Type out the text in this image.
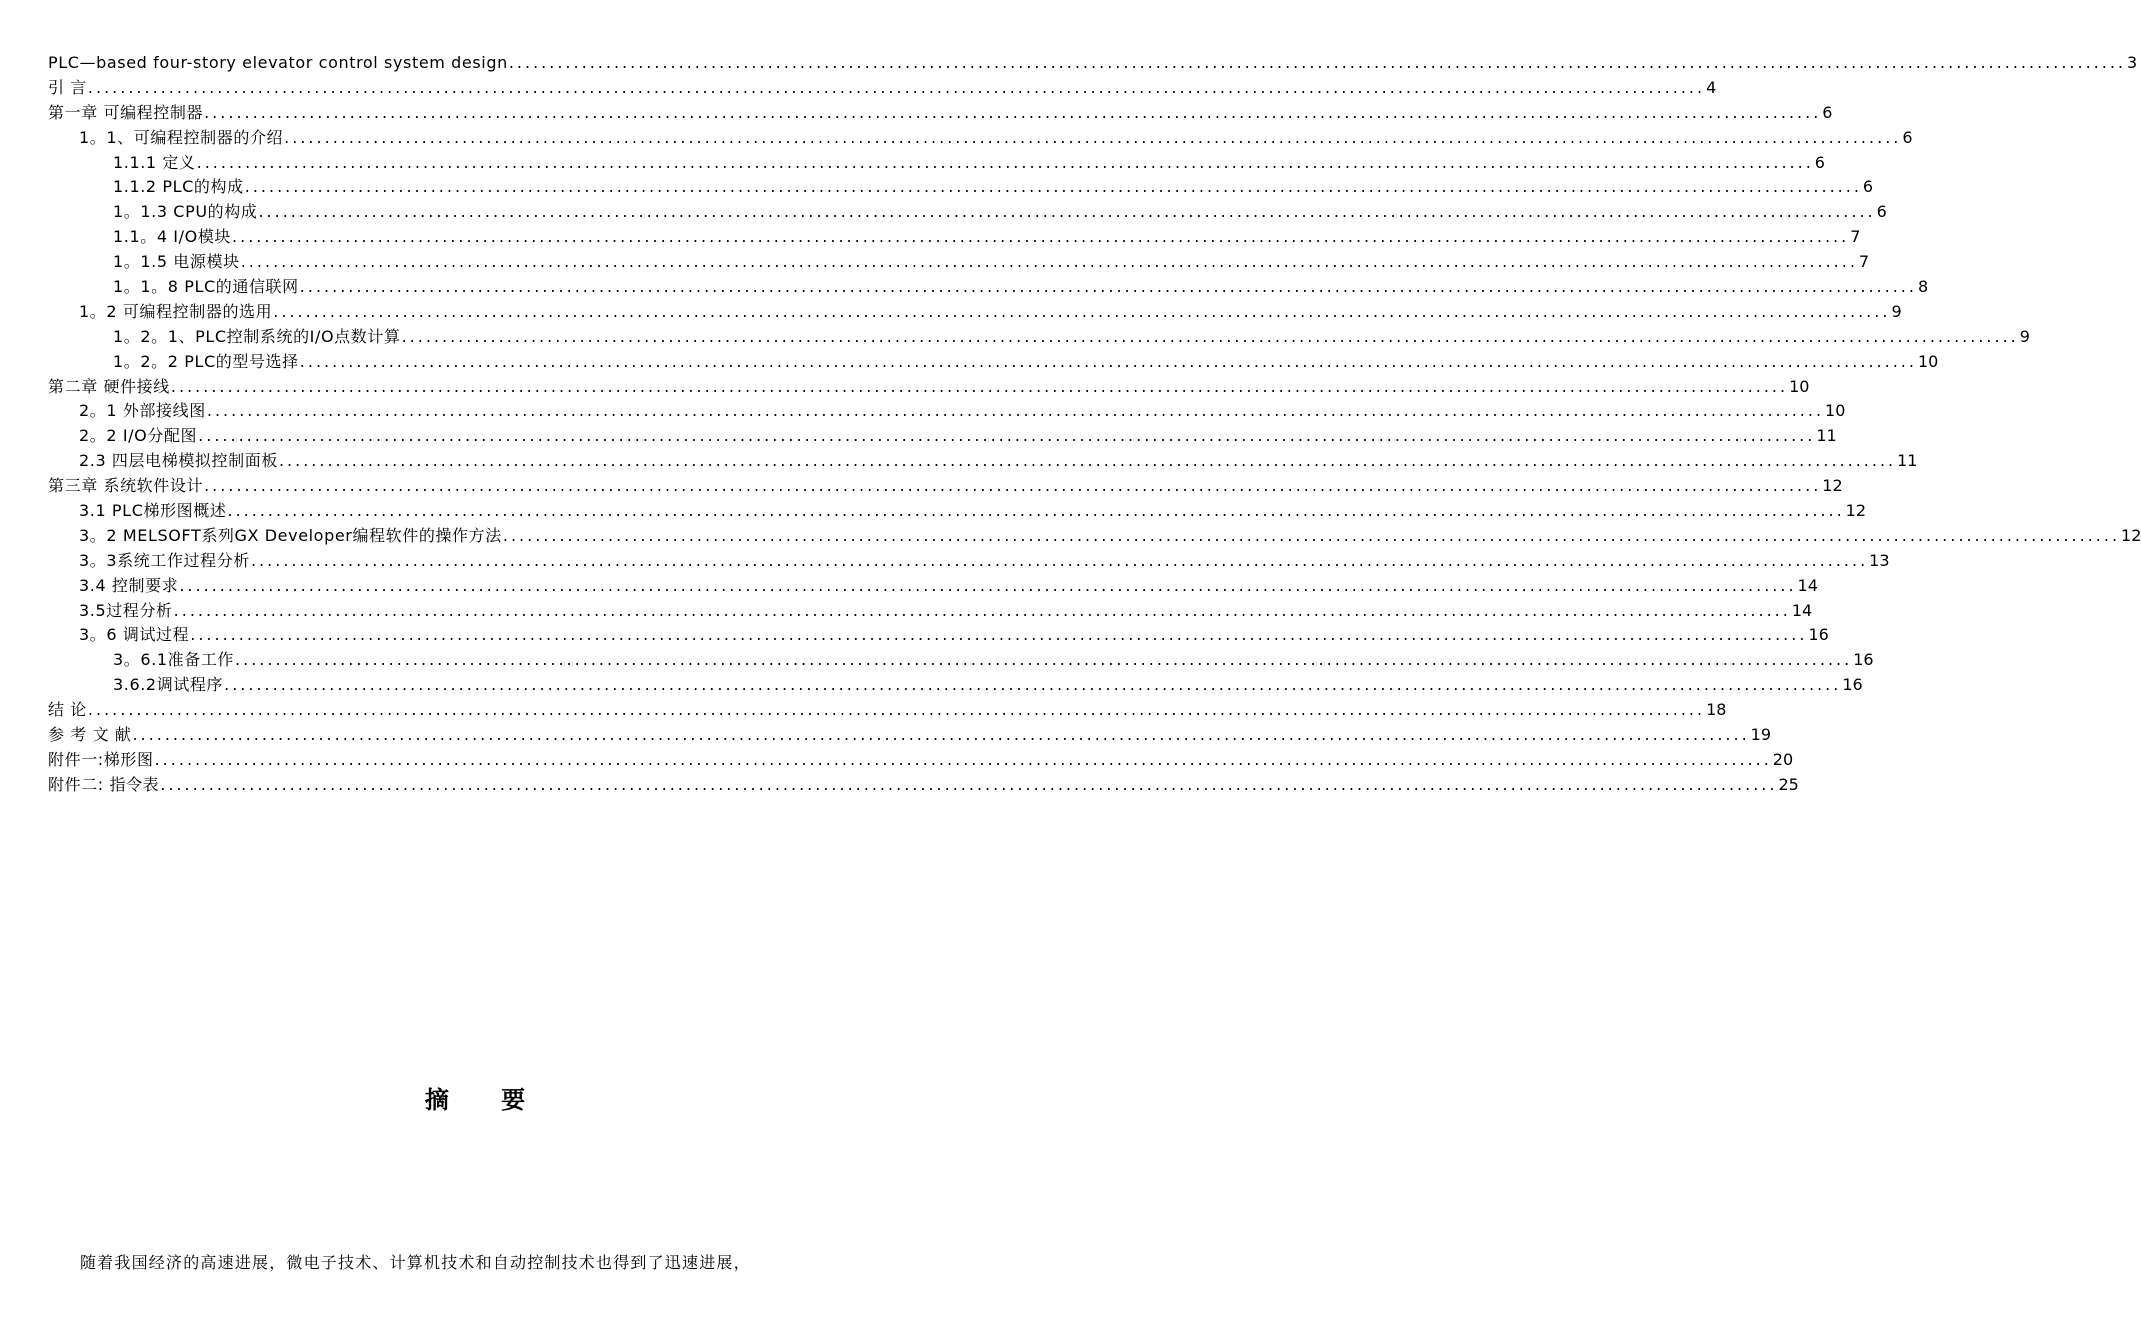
PLC—based four-story elevator control system design ........................................................................................................................................................................................................ 3
引 言 ........................................................................................................................................................................................................ 4
第一章 可编程控制器 ........................................................................................................................................................................................................ 6
1。1、可编程控制器的介绍 ........................................................................................................................................................................................................ 6
1.1.1 定义 ........................................................................................................................................................................................................ 6
1.1.2 PLC的构成 ........................................................................................................................................................................................................ 6
1。1.3 CPU的构成 ........................................................................................................................................................................................................ 6
1.1。4 I/O模块 ........................................................................................................................................................................................................ 7
1。1.5 电源模块 ........................................................................................................................................................................................................ 7
1。1。8 PLC的通信联网 ........................................................................................................................................................................................................ 8
1。2 可编程控制器的选用 ........................................................................................................................................................................................................ 9
1。2。1、PLC控制系统的I/O点数计算 ........................................................................................................................................................................................................ 9
1。2。2 PLC的型号选择 ........................................................................................................................................................................................................ 10
第二章 硬件接线 ........................................................................................................................................................................................................ 10
2。1 外部接线图 ........................................................................................................................................................................................................ 10
2。2 I/O分配图 ........................................................................................................................................................................................................ 11
2.3 四层电梯模拟控制面板 ........................................................................................................................................................................................................ 11
第三章 系统软件设计 ........................................................................................................................................................................................................ 12
3.1 PLC梯形图概述 ........................................................................................................................................................................................................ 12
3。2 MELSOFT系列GX Developer编程软件的操作方法 ........................................................................................................................................................................................................ 12
3。3系统工作过程分析 ........................................................................................................................................................................................................ 13
3.4 控制要求 ........................................................................................................................................................................................................ 14
3.5过程分析 ........................................................................................................................................................................................................ 14
3。6 调试过程 ........................................................................................................................................................................................................ 16
3。6.1准备工作 ........................................................................................................................................................................................................ 16
3.6.2调试程序 ........................................................................................................................................................................................................ 16
结 论 ........................................................................................................................................................................................................ 18
参 考 文 献 ........................................................................................................................................................................................................ 19
附件一:梯形图 ........................................................................................................................................................................................................ 20
附件二: 指令表 ........................................................................................................................................................................................................ 25
摘 要
随着我国经济的高速进展，微电子技术、计算机技术和自动控制技术也得到了迅速进展，
